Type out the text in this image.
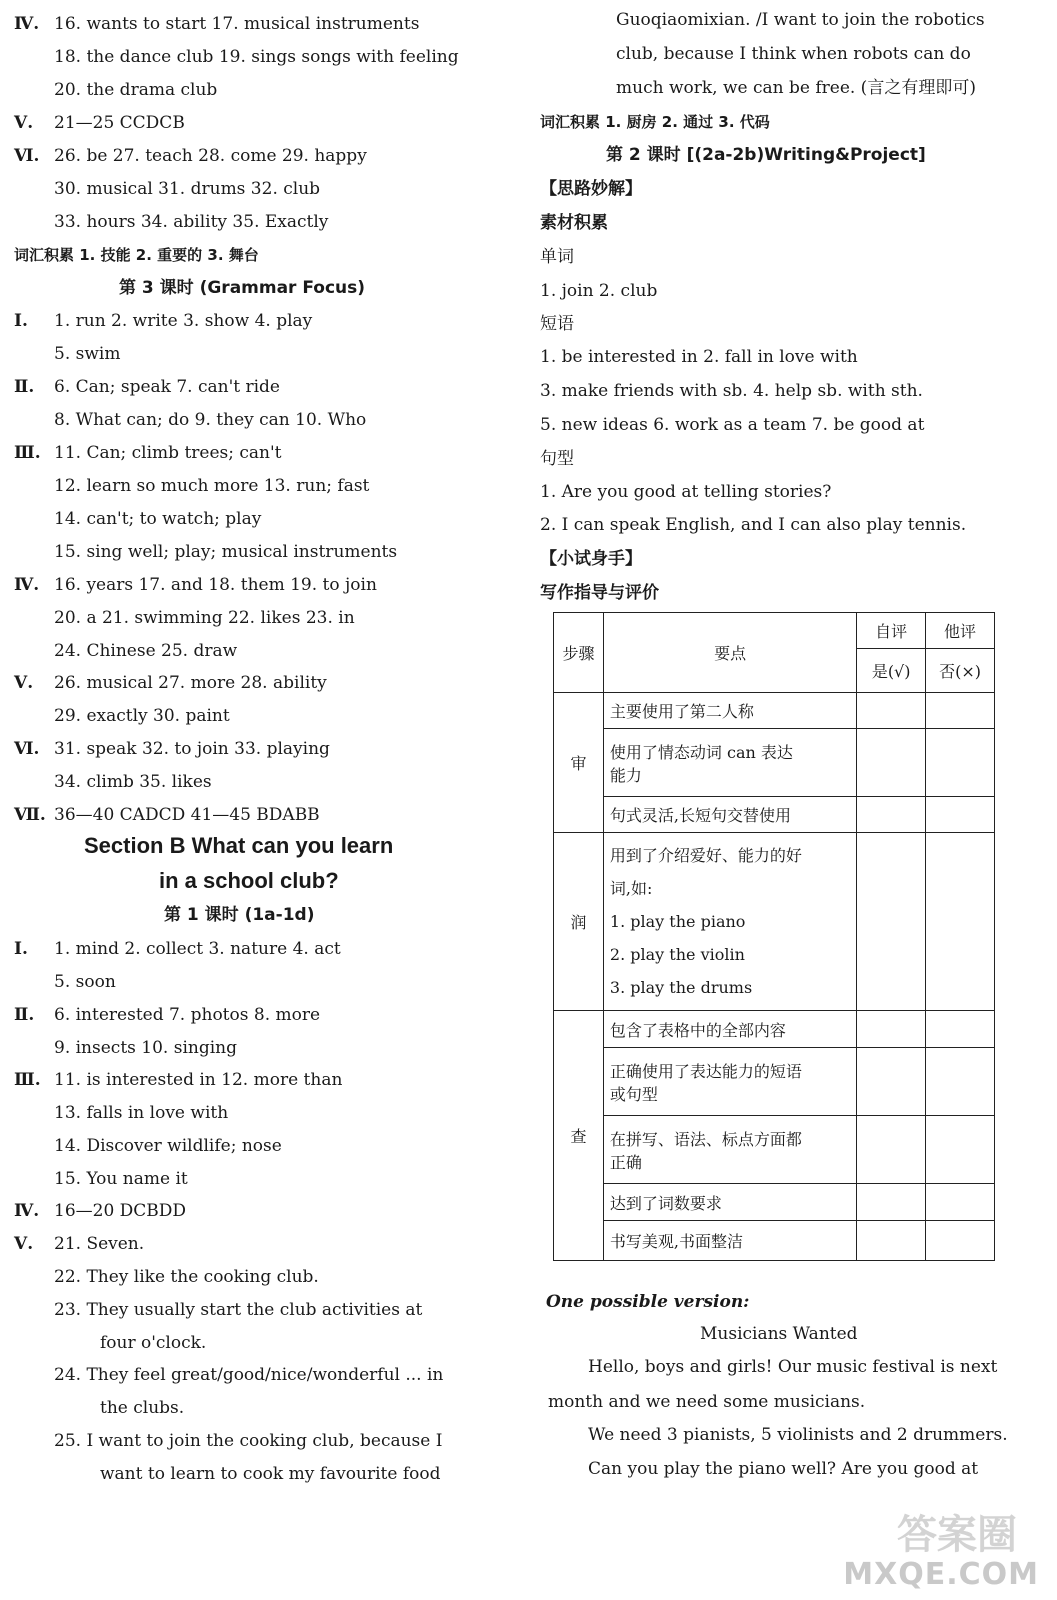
Ⅳ. 16. wants to start 17. musical instruments
18. the dance club 19. sings songs with feeling
20. the drama club
Ⅴ. 21—25 CCDCB
Ⅵ. 26. be 27. teach 28. come 29. happy
30. musical 31. drums 32. club
33. hours 34. ability 35. Exactly
词汇积累 1. 技能 2. 重要的 3. 舞台
第 3 课时 (Grammar Focus)
Ⅰ. 1. run 2. write 3. show 4. play
5. swim
Ⅱ. 6. Can; speak 7. can't ride
8. What can; do 9. they can 10. Who
Ⅲ. 11. Can; climb trees; can't
12. learn so much more 13. run; fast
14. can't; to watch; play
15. sing well; play; musical instruments
Ⅳ. 16. years 17. and 18. them 19. to join
20. a 21. swimming 22. likes 23. in
24. Chinese 25. draw
Ⅴ. 26. musical 27. more 28. ability
29. exactly 30. paint
Ⅵ. 31. speak 32. to join 33. playing
34. climb 35. likes
Ⅶ. 36—40 CADCD 41—45 BDABB
Section B What can you learn
in a school club?
第 1 课时 (1a-1d)
Ⅰ. 1. mind 2. collect 3. nature 4. act
5. soon
Ⅱ. 6. interested 7. photos 8. more
9. insects 10. singing
Ⅲ. 11. is interested in 12. more than
13. falls in love with
14. Discover wildlife; nose
15. You name it
Ⅳ. 16—20 DCBDD
Ⅴ. 21. Seven.
22. They like the cooking club.
23. They usually start the club activities at
four o'clock.
24. They feel great/good/nice/wonderful ... in
the clubs.
25. I want to join the cooking club, because I
want to learn to cook my favourite food
Guoqiaomixian. /I want to join the robotics
club, because I think when robots can do
much work, we can be free. (言之有理即可)
词汇积累 1. 厨房 2. 通过 3. 代码
第 2 课时 [(2a-2b)Writing&Project]
【思路妙解】
素材积累
单词
1. join 2. club
短语
1. be interested in 2. fall in love with
3. make friends with sb. 4. help sb. with sth.
5. new ideas 6. work as a team 7. be good at
句型
1. Are you good at telling stories?
2. I can speak English, and I can also play tennis.
【小试身手】
写作指导与评价
步骤	要点	自评	他评
		是(√)	否(×)
审	主要使用了第二人称		
	使用了情态动词 can 表达
能力		
	句式灵活,长短句交替使用		
润	用到了介绍爱好、能力的好
词,如:
1. play the piano
2. play the violin
3. play the drums		
查	包含了表格中的全部内容		
	正确使用了表达能力的短语
或句型		
	在拼写、语法、标点方面都
正确		
	达到了词数要求		
	书写美观,书面整洁		
One possible version:
Musicians Wanted
Hello, boys and girls! Our music festival is next
month and we need some musicians.
We need 3 pianists, 5 violinists and 2 drummers.
Can you play the piano well? Are you good at
答案圈
MXQE.COM
